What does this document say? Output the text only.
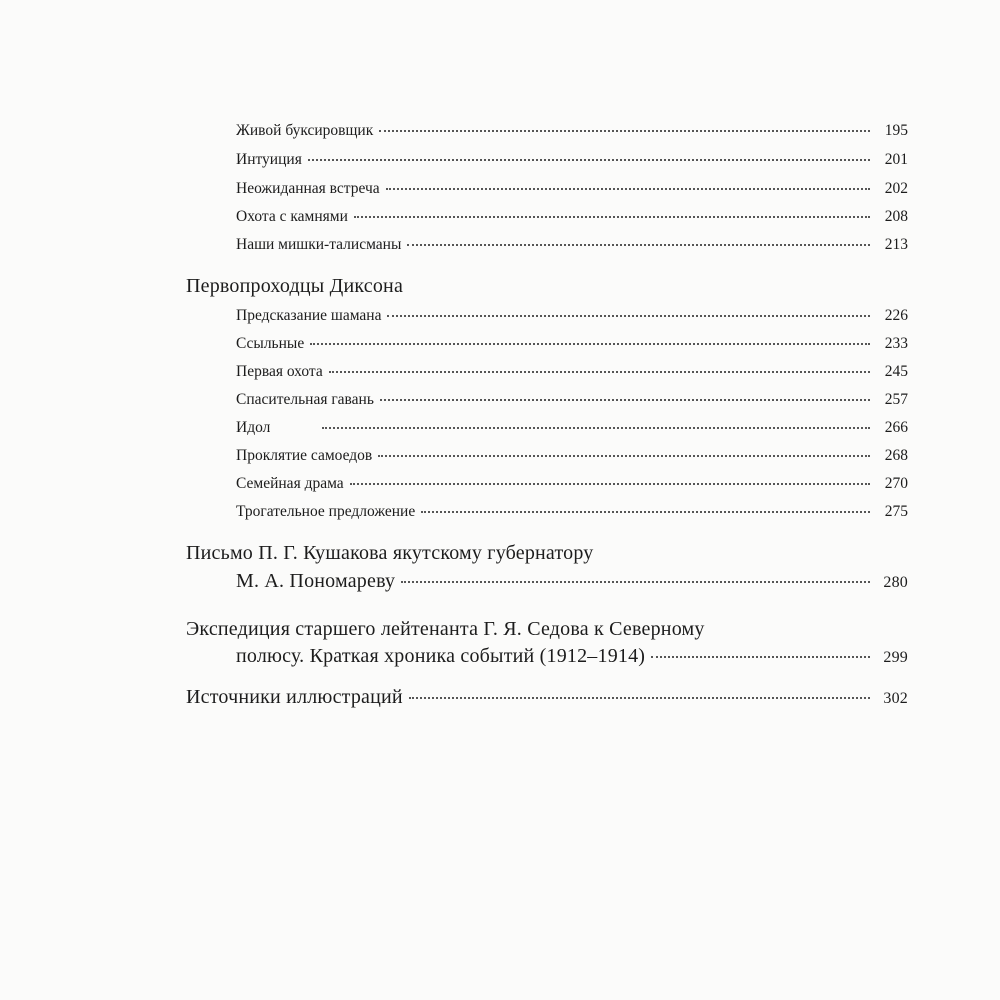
Живой буксировщик	195
Интуиция	201
Неожиданная встреча	202
Охота с камнями	208
Наши мишки-талисманы	213
Первопроходцы Диксона
Предсказание шамана	226
Ссыльные	233
Первая охота	245
Спасительная гавань	257
Идол	266
Проклятие самоедов	268
Семейная драма	270
Трогательное предложение	275
Письмо П. Г. Кушакова якутскому губернатору
М. А. Пономареву	280
Экспедиция старшего лейтенанта Г. Я. Седова к Северному
полюсу. Краткая хроника событий (1912–1914)	299
Источники иллюстраций	302
